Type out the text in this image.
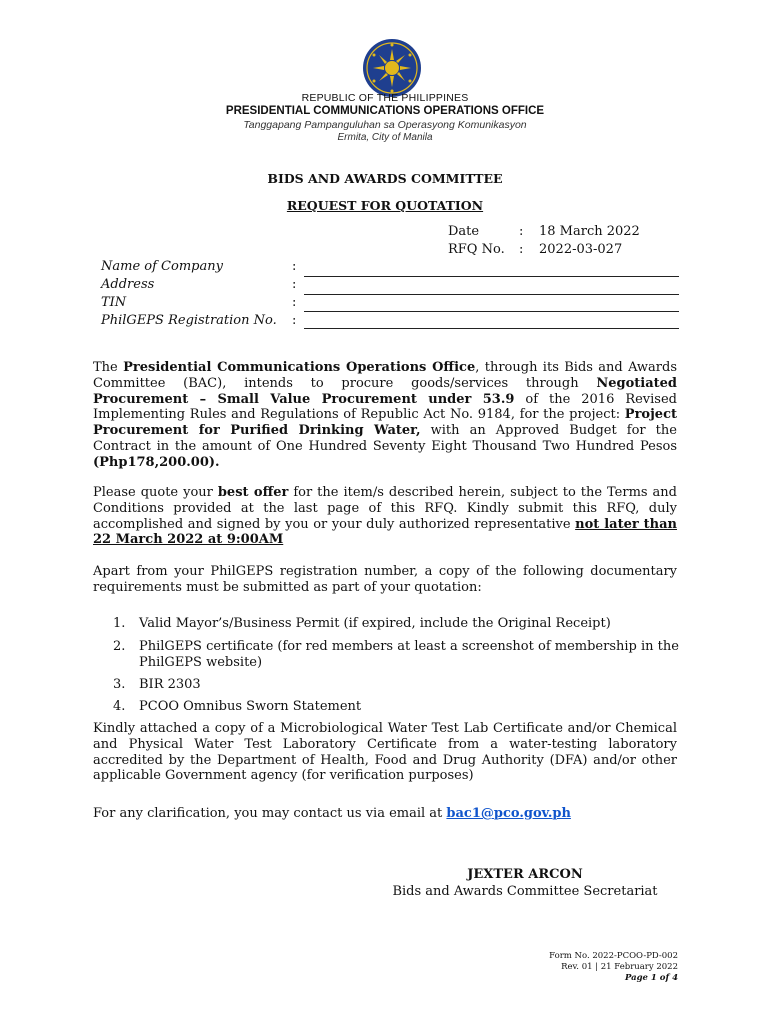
REPUBLIC OF THE PHILIPPINES
PRESIDENTIAL COMMUNICATIONS OPERATIONS OFFICE
Tanggapang Pampanguluhan sa Operasyong Komunikasyon
Ermita, City of Manila
BIDS AND AWARDS COMMITTEE
REQUEST FOR QUOTATION
Date	: 18 March 2022
RFQ No. : 2022-03-027
Name of Company	:
Address	:
TIN	:
PhilGEPS Registration No. :
The Presidential Communications Operations Office, through its Bids and Awards Committee (BAC), intends to procure goods/services through Negotiated Procurement – Small Value Procurement under 53.9 of the 2016 Revised Implementing Rules and Regulations of Republic Act No. 9184, for the project: Project Procurement for Purified Drinking Water, with an Approved Budget for the Contract in the amount of One Hundred Seventy Eight Thousand Two Hundred Pesos (Php178,200.00).
Please quote your best offer for the item/s described herein, subject to the Terms and Conditions provided at the last page of this RFQ. Kindly submit this RFQ, duly accomplished and signed by you or your duly authorized representative not later than 22 March 2022 at 9:00AM
Apart from your PhilGEPS registration number, a copy of the following documentary requirements must be submitted as part of your quotation:
1. Valid Mayor’s/Business Permit (if expired, include the Original Receipt)
2. PhilGEPS certificate (for red members at least a screenshot of membership in the PhilGEPS website)
3. BIR 2303
4. PCOO Omnibus Sworn Statement
Kindly attached a copy of a Microbiological Water Test Lab Certificate and/or Chemical and Physical Water Test Laboratory Certificate from a water-testing laboratory accredited by the Department of Health, Food and Drug Authority (DFA) and/or other applicable Government agency (for verification purposes)
For any clarification, you may contact us via email at bac1@pco.gov.ph
JEXTER ARCON
Bids and Awards Committee Secretariat
Form No. 2022-PCOO-PD-002
Rev. 01 | 21 February 2022
Page 1 of 4
